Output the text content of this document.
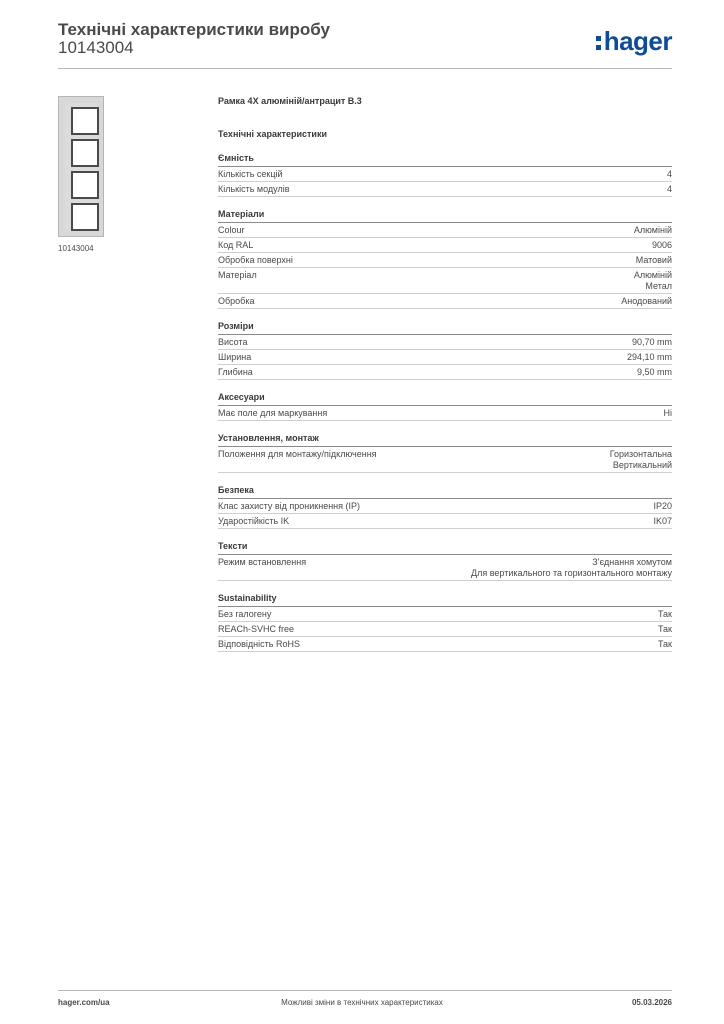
Технічні характеристики виробу
10143004	hager
10143004
Рамка 4Х алюміній/антрацит В.3
Технічні характеристики
Ємність
Кількість секцій	4
Кількість модулів	4
Матеріали
Colour	Алюміній
Код RAL	9006
Обробка поверхні	Матовий
Матеріал	Алюміній
Метал
Обробка	Анодований
Розміри
Висота	90,70 mm
Ширина	294,10 mm
Глибина	9,50 mm
Аксесуари
Має поле для маркування	Ні
Установлення, монтаж
Положення для монтажу/підключення	Горизонтальна
Вертикальний
Безпека
Клас захисту від проникнення (IP)	IP20
Ударостійкість IK	IK07
Тексти
Режим встановлення	З'єднання хомутом
Для вертикального та горизонтального монтажу
Sustainability
Без галогену	Так
REACh-SVHC free	Так
Відповідність RoHS	Так
hager.com/ua	Можливі зміни в технічних характеристиках	05.03.2026
